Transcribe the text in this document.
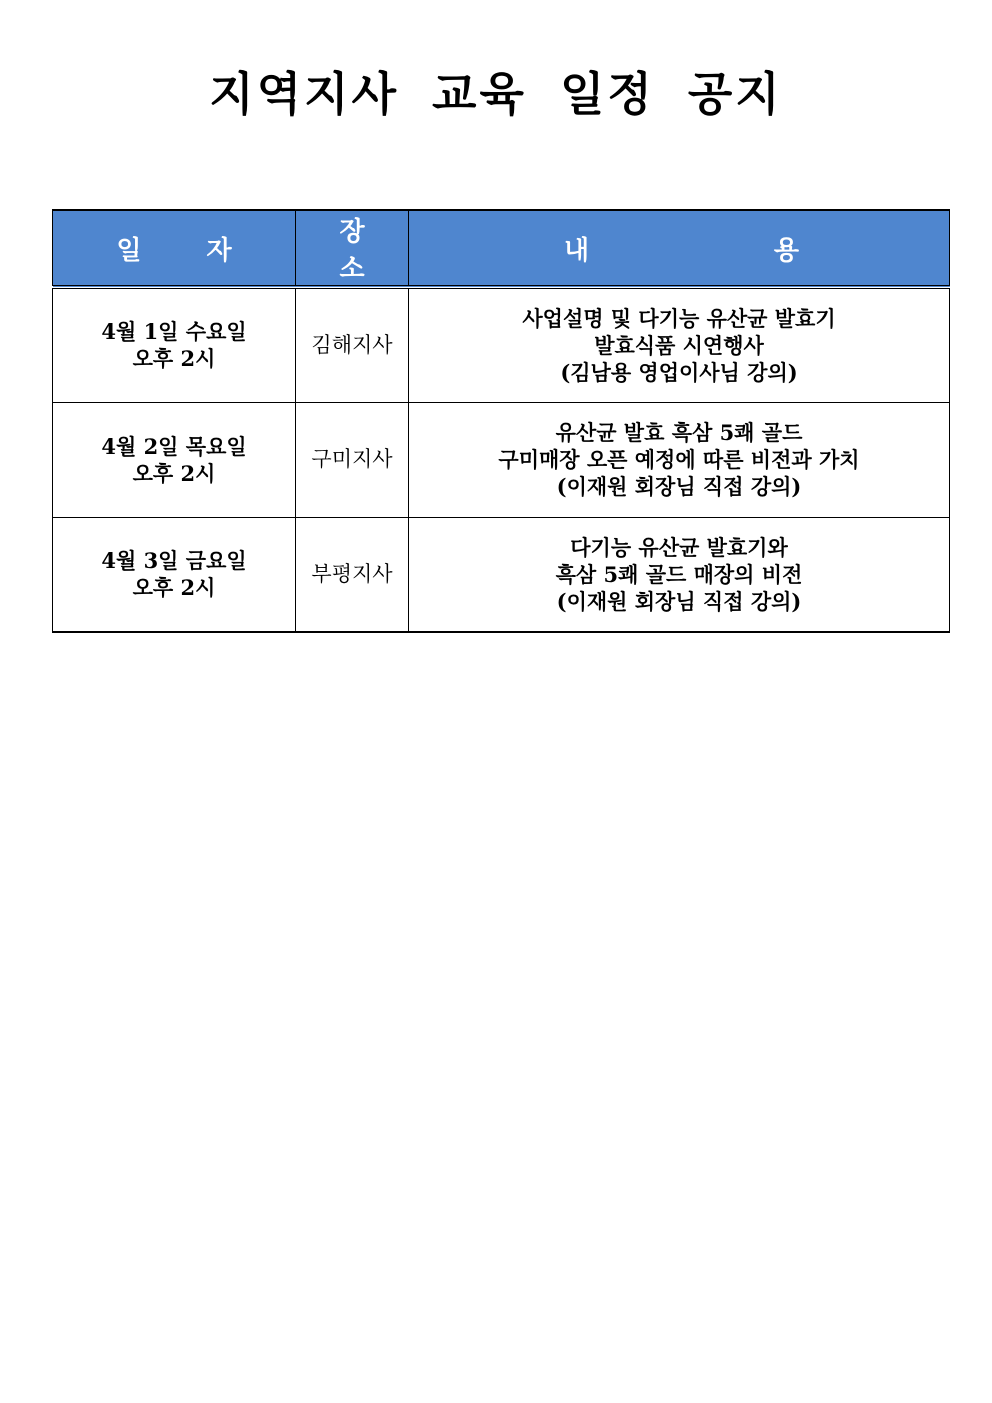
지역지사 교육 일정 공지
일 자	장 소	내 용

4월 1일 수요일
오후 2시	김해지사	사업설명 및 다기능 유산균 발효기
발효식품 시연행사
(김남용 영업이사님 강의)

4월 2일 목요일
오후 2시	구미지사	유산균 발효 흑삼 5쾌 골드
구미매장 오픈 예정에 따른 비전과 가치
(이재원 회장님 직접 강의)

4월 3일 금요일
오후 2시	부평지사	다기능 유산균 발효기와
흑삼 5쾌 골드 매장의 비전
(이재원 회장님 직접 강의)
